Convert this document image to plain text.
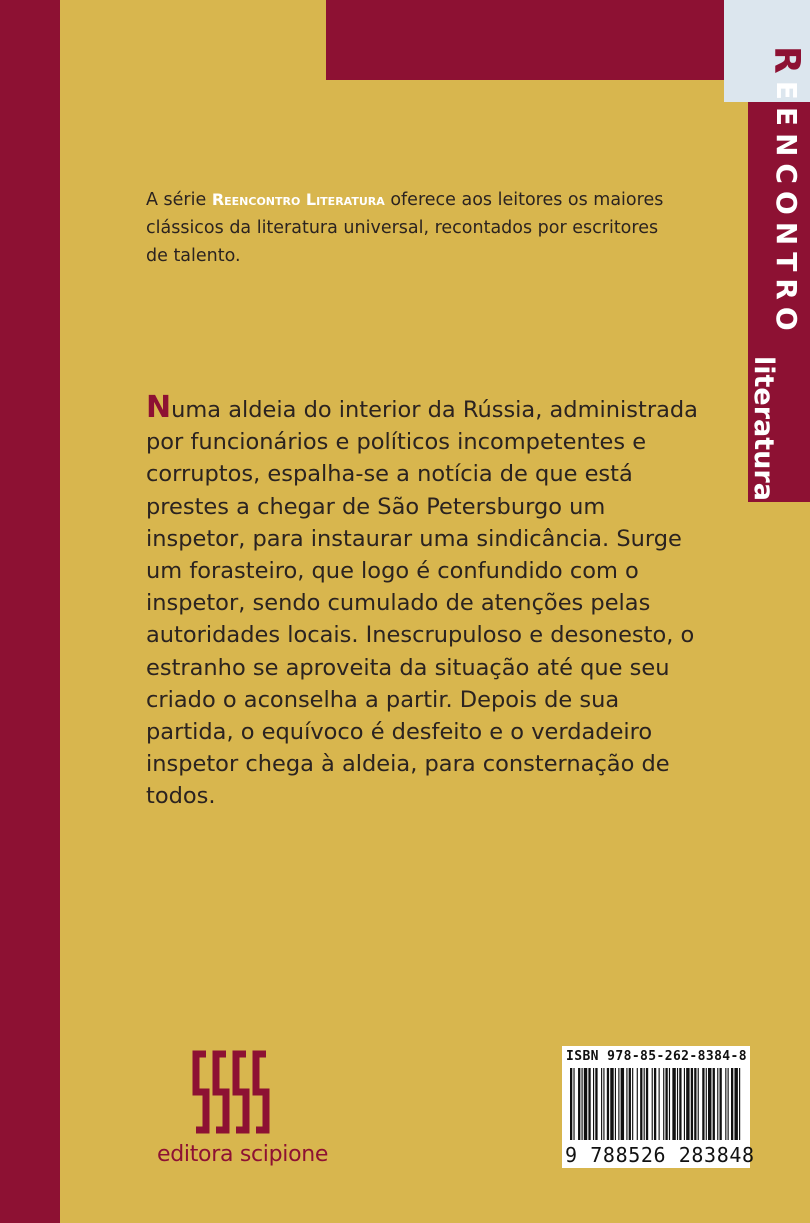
REENCONTRO
literatura

A série Reencontro Literatura oferece aos leitores os maiores clássicos da literatura universal, recontados por escritores de talento.

Numa aldeia do interior da Rússia, administrada por funcionários e políticos incompetentes e corruptos, espalha-se a notícia de que está prestes a chegar de São Petersburgo um inspetor, para instaurar uma sindicância. Surge um forasteiro, que logo é confundido com o inspetor, sendo cumulado de atenções pelas autoridades locais. Inescrupuloso e desonesto, o estranho se aproveita da situação até que seu criado o aconselha a partir. Depois de sua partida, o equívoco é desfeito e o verdadeiro inspetor chega à aldeia, para consternação de todos.

editora scipione
ISBN 978-85-262-8384-8
9 788526 283848
